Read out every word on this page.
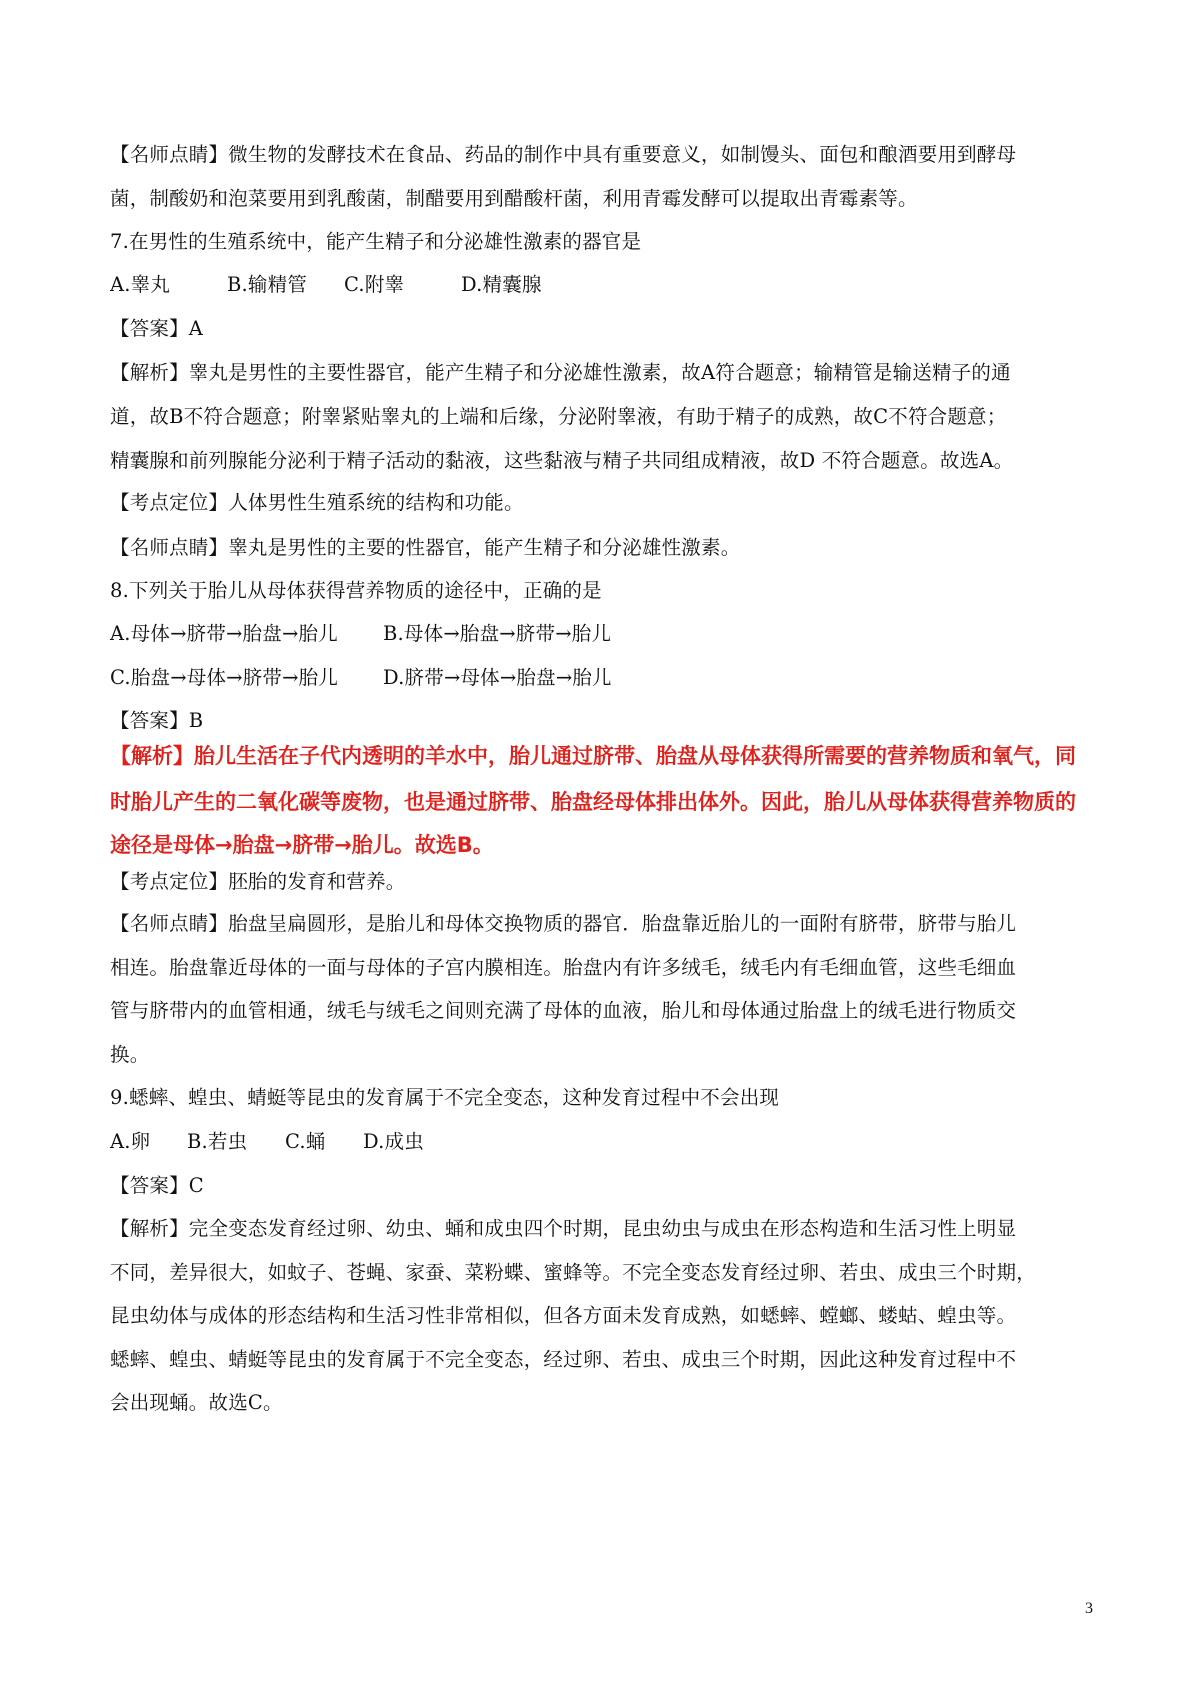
【名师点睛】微生物的发酵技术在食品、药品的制作中具有重要意义，如制馒头、面包和酿酒要用到酵母
菌，制酸奶和泡菜要用到乳酸菌，制醋要用到醋酸杆菌，利用青霉发酵可以提取出青霉素等。
7.在男性的生殖系统中，能产生精子和分泌雄性激素的器官是
A.睾丸	B.输精管 C.附睾	D.精囊腺
【答案】A
【解析】睾丸是男性的主要性器官，能产生精子和分泌雄性激素，故A符合题意；输精管是输送精子的通
道，故B不符合题意；附睾紧贴睾丸的上端和后缘，分泌附睾液，有助于精子的成熟，故C不符合题意；
精囊腺和前列腺能分泌利于精子活动的黏液，这些黏液与精子共同组成精液，故D 不符合题意。故选A。
【考点定位】人体男性生殖系统的结构和功能。
【名师点睛】睾丸是男性的主要的性器官，能产生精子和分泌雄性激素。
8.下列关于胎儿从母体获得营养物质的途径中，正确的是
A.母体→脐带→胎盘→胎儿 B.母体→胎盘→脐带→胎儿
C.胎盘→母体→脐带→胎儿 D.脐带→母体→胎盘→胎儿
【答案】B
【解析】胎儿生活在子代内透明的羊水中，胎儿通过脐带、胎盘从母体获得所需要的营养物质和氧气，同
时胎儿产生的二氧化碳等废物，也是通过脐带、胎盘经母体排出体外。因此，胎儿从母体获得营养物质的
途径是母体→胎盘→脐带→胎儿。故选B。
【考点定位】胚胎的发育和营养。
【名师点睛】胎盘呈扁圆形，是胎儿和母体交换物质的器官．胎盘靠近胎儿的一面附有脐带，脐带与胎儿
相连。胎盘靠近母体的一面与母体的子宫内膜相连。胎盘内有许多绒毛，绒毛内有毛细血管，这些毛细血
管与脐带内的血管相通，绒毛与绒毛之间则充满了母体的血液，胎儿和母体通过胎盘上的绒毛进行物质交
换。
9.蟋蟀、蝗虫、蜻蜓等昆虫的发育属于不完全变态，这种发育过程中不会出现
A.卵 B.若虫 C.蛹 D.成虫
【答案】C
【解析】完全变态发育经过卵、幼虫、蛹和成虫四个时期，昆虫幼虫与成虫在形态构造和生活习性上明显
不同，差异很大，如蚊子、苍蝇、家蚕、菜粉蝶、蜜蜂等。不完全变态发育经过卵、若虫、成虫三个时期，
昆虫幼体与成体的形态结构和生活习性非常相似，但各方面未发育成熟，如蟋蟀、螳螂、蝼蛄、蝗虫等。
蟋蟀、蝗虫、蜻蜓等昆虫的发育属于不完全变态，经过卵、若虫、成虫三个时期，因此这种发育过程中不
会出现蛹。故选C。
3
